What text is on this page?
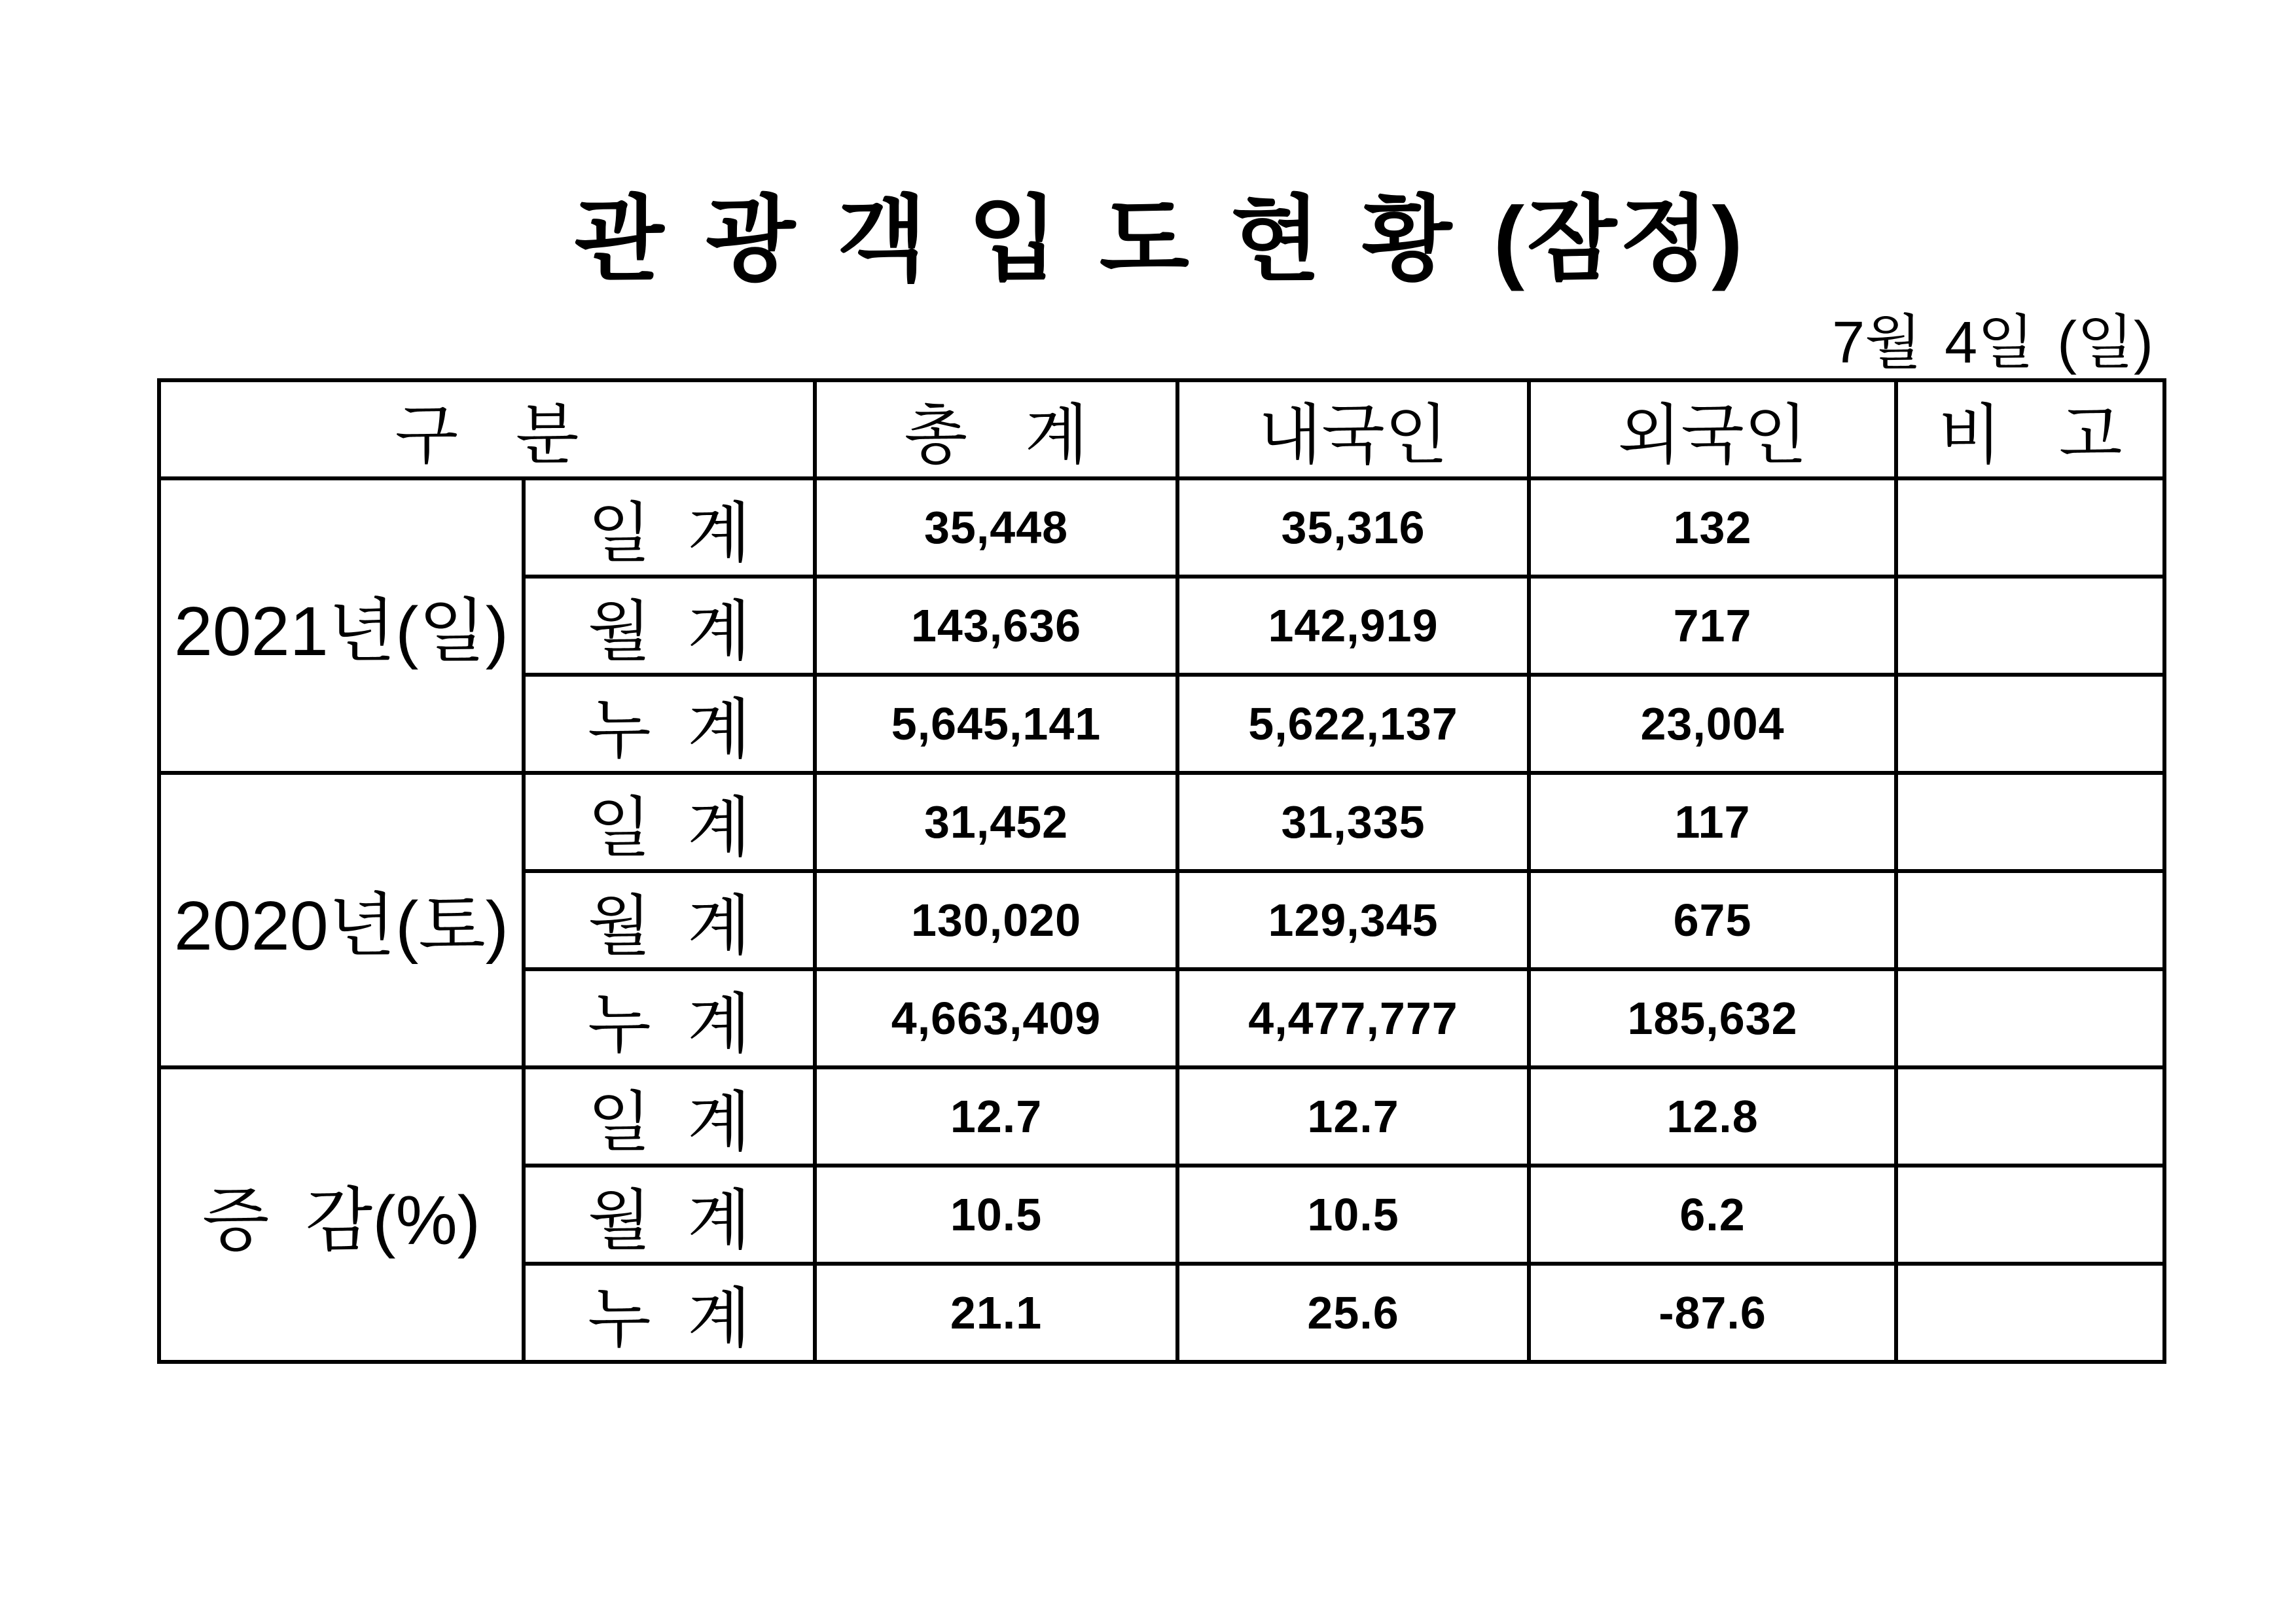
관 광 객 입 도 현 황 (잠정)
7월 4일 (일)
구 분		총 계	내국인	외국인	비 고
2021년(일)	일 계	35,448	35,316	132	
	월 계	143,636	142,919	717	
	누 계	5,645,141	5,622,137	23,004	
2020년(토)	일 계	31,452	31,335	117	
	월 계	130,020	129,345	675	
	누 계	4,663,409	4,477,777	185,632	
증 감(%)	일 계	12.7	12.7	12.8	
	월 계	10.5	10.5	6.2	
	누 계	21.1	25.6	-87.6	
